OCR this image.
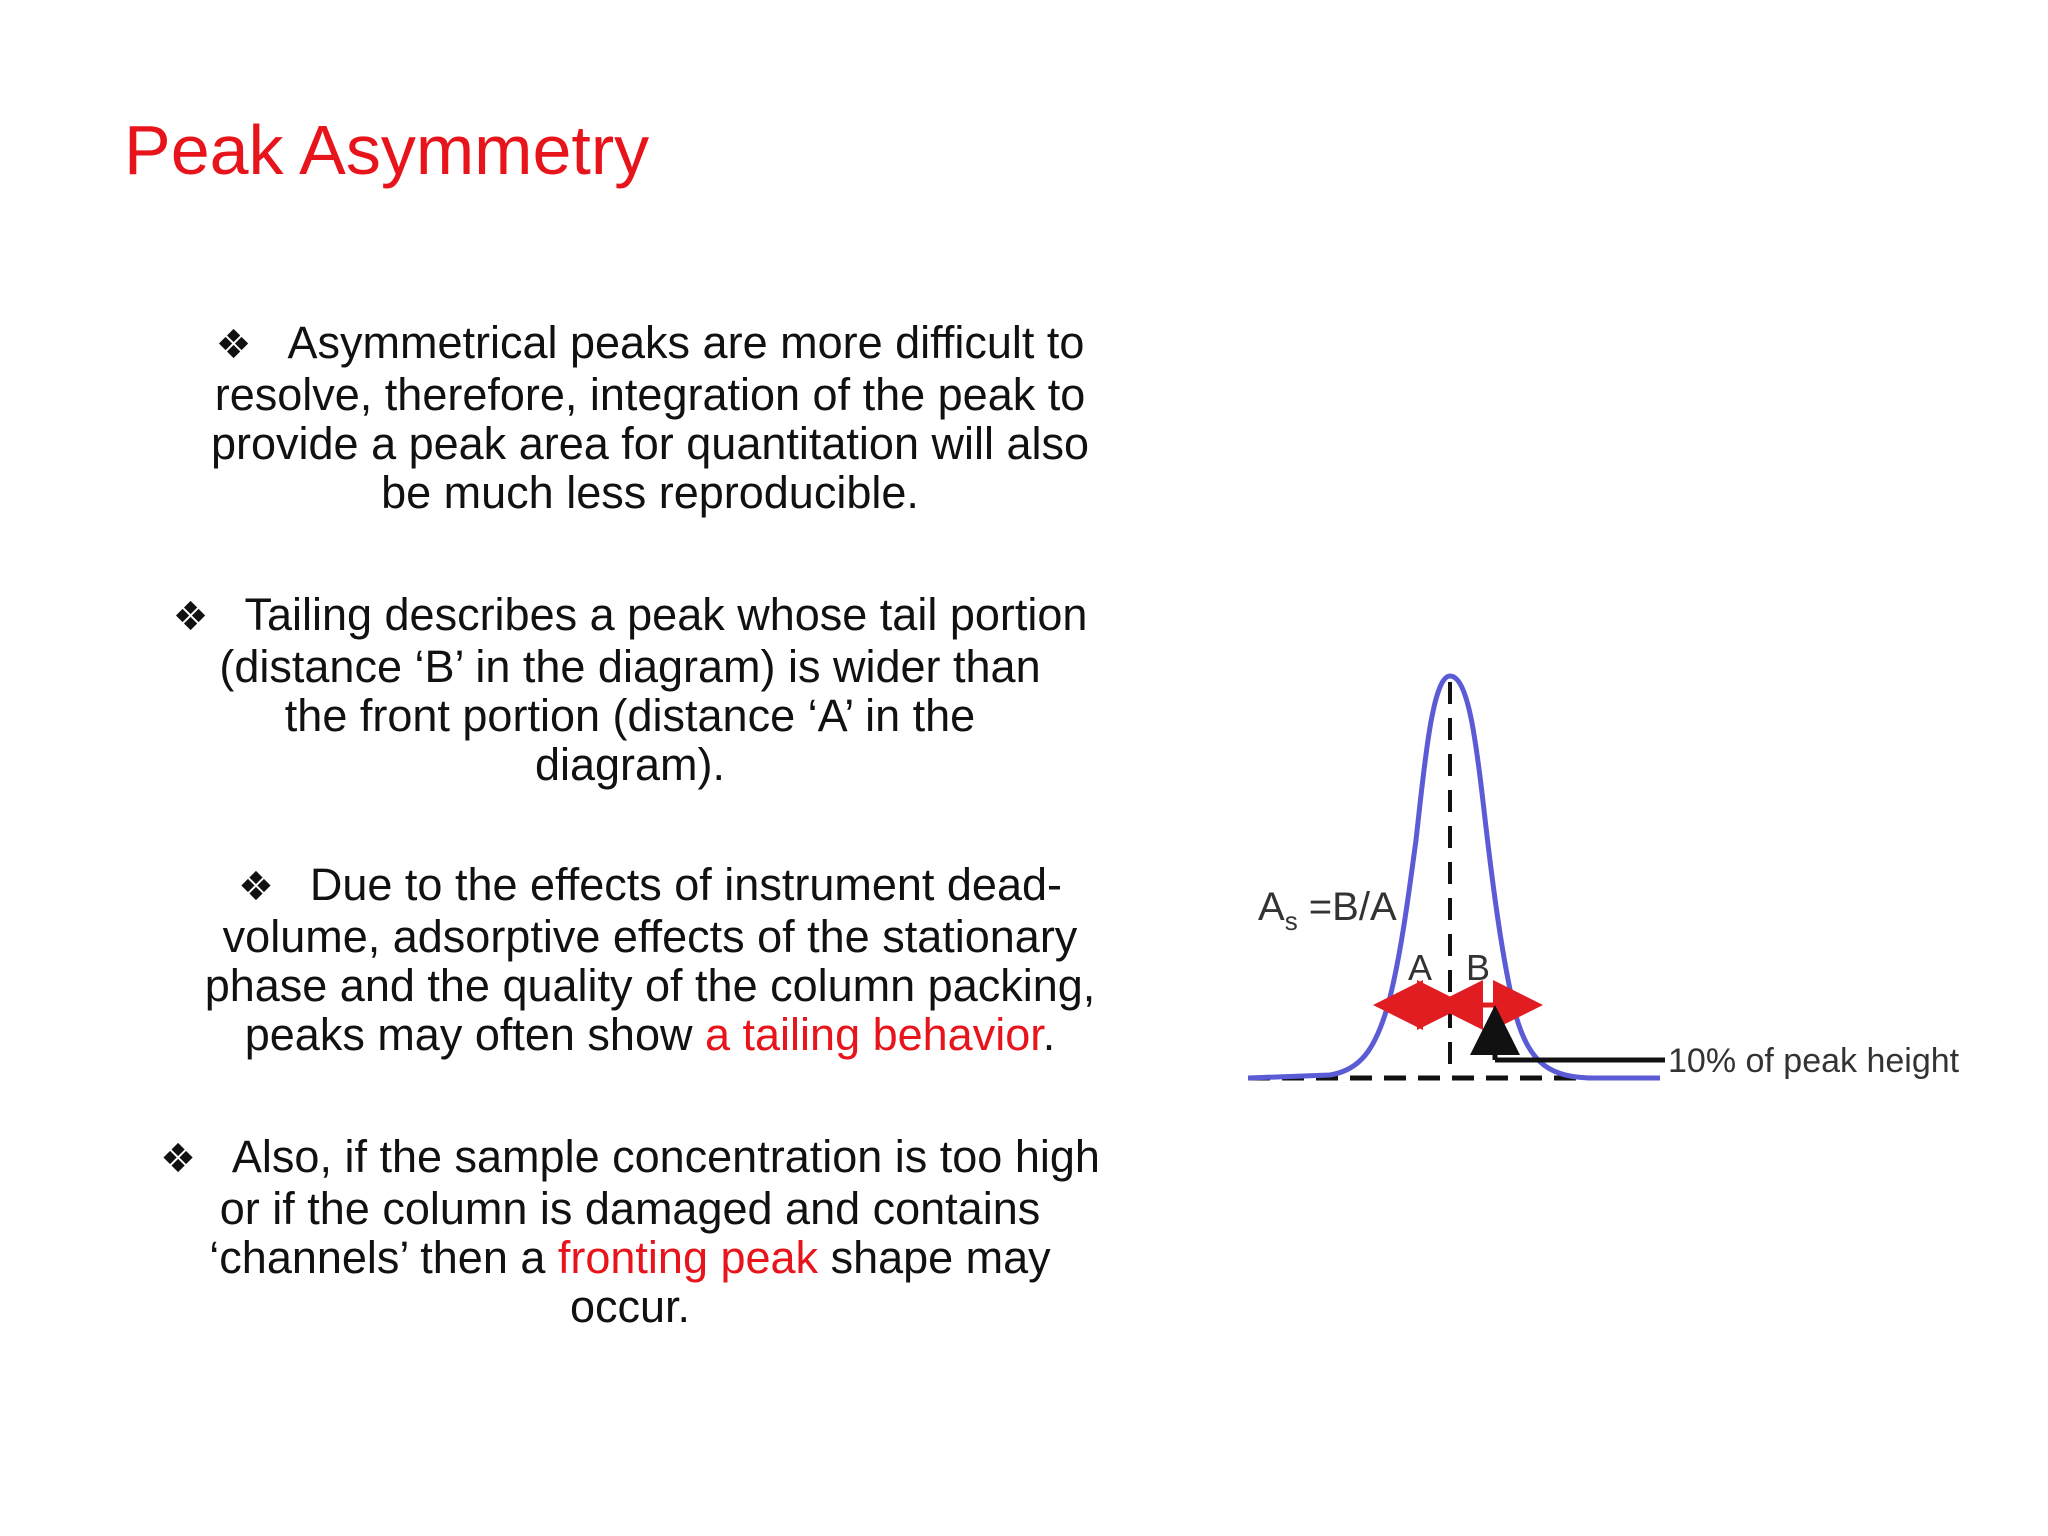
Peak Asymmetry
❖ Asymmetrical peaks are more difficult to
resolve, therefore, integration of the peak to
provide a peak area for quantitation will also
be much less reproducible.
❖ Tailing describes a peak whose tail portion
(distance ‘B’ in the diagram) is wider than
the front portion (distance ‘A’ in the
diagram).
❖ Due to the effects of instrument dead-
volume, adsorptive effects of the stationary
phase and the quality of the column packing,
peaks may often show a tailing behavior.
❖ Also, if the sample concentration is too high
or if the column is damaged and contains
‘channels’ then a fronting peak shape may
occur.
$A_s =B/A$
A B
10% of peak height
